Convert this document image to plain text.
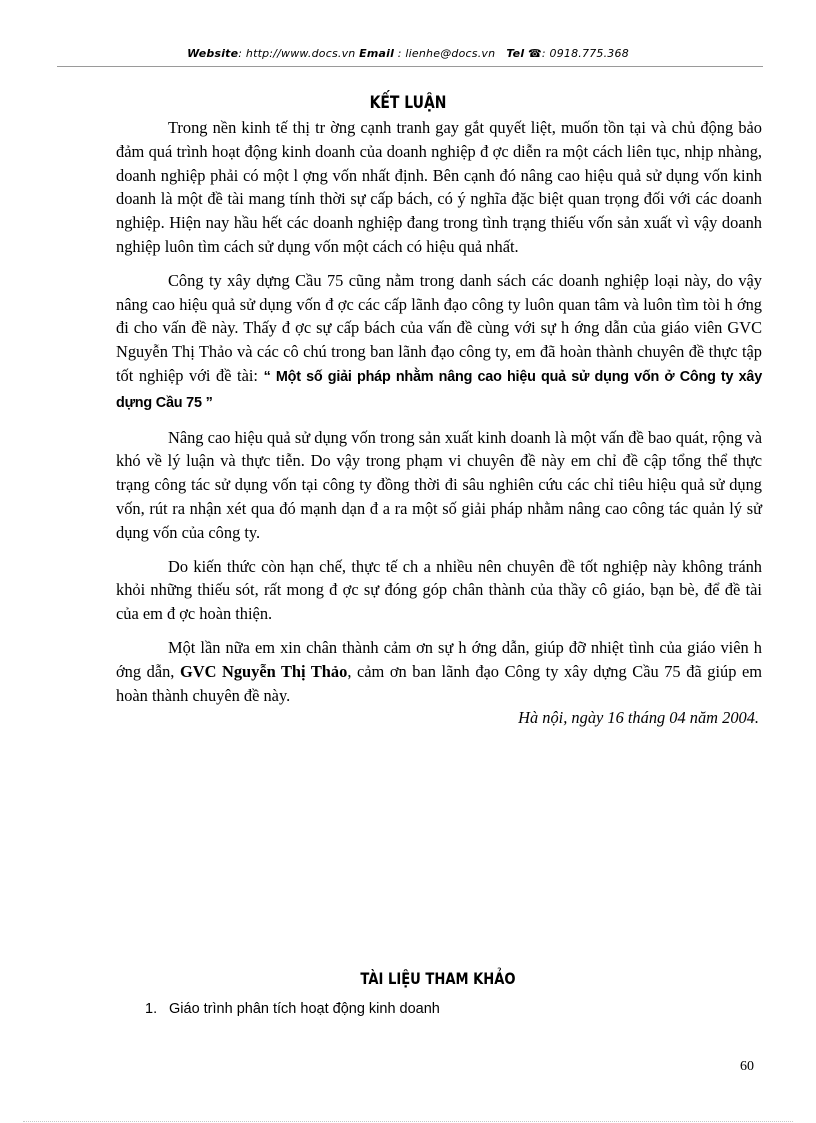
Website: http://www.docs.vn Email : lienhe@docs.vn Tel ☎: 0918.775.368
KẾT LUẬN

Trong nền kinh tế thị tr ờng cạnh tranh gay gắt quyết liệt, muốn tồn tại và chủ động bảo đảm quá trình hoạt động kinh doanh của doanh nghiệp đ ợc diễn ra một cách liên tục, nhịp nhàng, doanh nghiệp phải có một l ợng vốn nhất định. Bên cạnh đó nâng cao hiệu quả sử dụng vốn kinh doanh là một đề tài mang tính thời sự cấp bách, có ý nghĩa đặc biệt quan trọng đối với các doanh nghiệp. Hiện nay hầu hết các doanh nghiệp đang trong tình trạng thiếu vốn sản xuất vì vậy doanh nghiệp luôn tìm cách sử dụng vốn một cách có hiệu quả nhất.

Công ty xây dựng Cầu 75 cũng nằm trong danh sách các doanh nghiệp loại này, do vậy nâng cao hiệu quả sử dụng vốn đ ợc các cấp lãnh đạo công ty luôn quan tâm và luôn tìm tòi h ớng đi cho vấn đề này. Thấy đ ợc sự cấp bách của vấn đề cùng với sự h ớng dẫn của giáo viên GVC Nguyễn Thị Thảo và các cô chú trong ban lãnh đạo công ty, em đã hoàn thành chuyên đề thực tập tốt nghiệp với đề tài: “ Một số giải pháp nhằm nâng cao hiệu quả sử dụng vốn ở Công ty xây dựng Cầu 75 ”

Nâng cao hiệu quả sử dụng vốn trong sản xuất kinh doanh là một vấn đề bao quát, rộng và khó về lý luận và thực tiễn. Do vậy trong phạm vi chuyên đề này em chỉ đề cập tổng thể thực trạng công tác sử dụng vốn tại công ty đồng thời đi sâu nghiên cứu các chỉ tiêu hiệu quả sử dụng vốn, rút ra nhận xét qua đó mạnh dạn đ a ra một số giải pháp nhằm nâng cao công tác quản lý sử dụng vốn của công ty.

Do kiến thức còn hạn chế, thực tế ch a nhiều nên chuyên đề tốt nghiệp này không tránh khỏi những thiếu sót, rất mong đ ợc sự đóng góp chân thành của thầy cô giáo, bạn bè, để đề tài của em đ ợc hoàn thiện.

Một lần nữa em xin chân thành cảm ơn sự h ớng dẫn, giúp đỡ nhiệt tình của giáo viên h ớng dẫn, GVC Nguyễn Thị Thảo, cảm ơn ban lãnh đạo Công ty xây dựng Cầu 75 đã giúp em hoàn thành chuyên đề này.

Hà nội, ngày 16 tháng 04 năm 2004.
TÀI LIỆU THAM KHẢO
1. Giáo trình phân tích hoạt động kinh doanh
60
